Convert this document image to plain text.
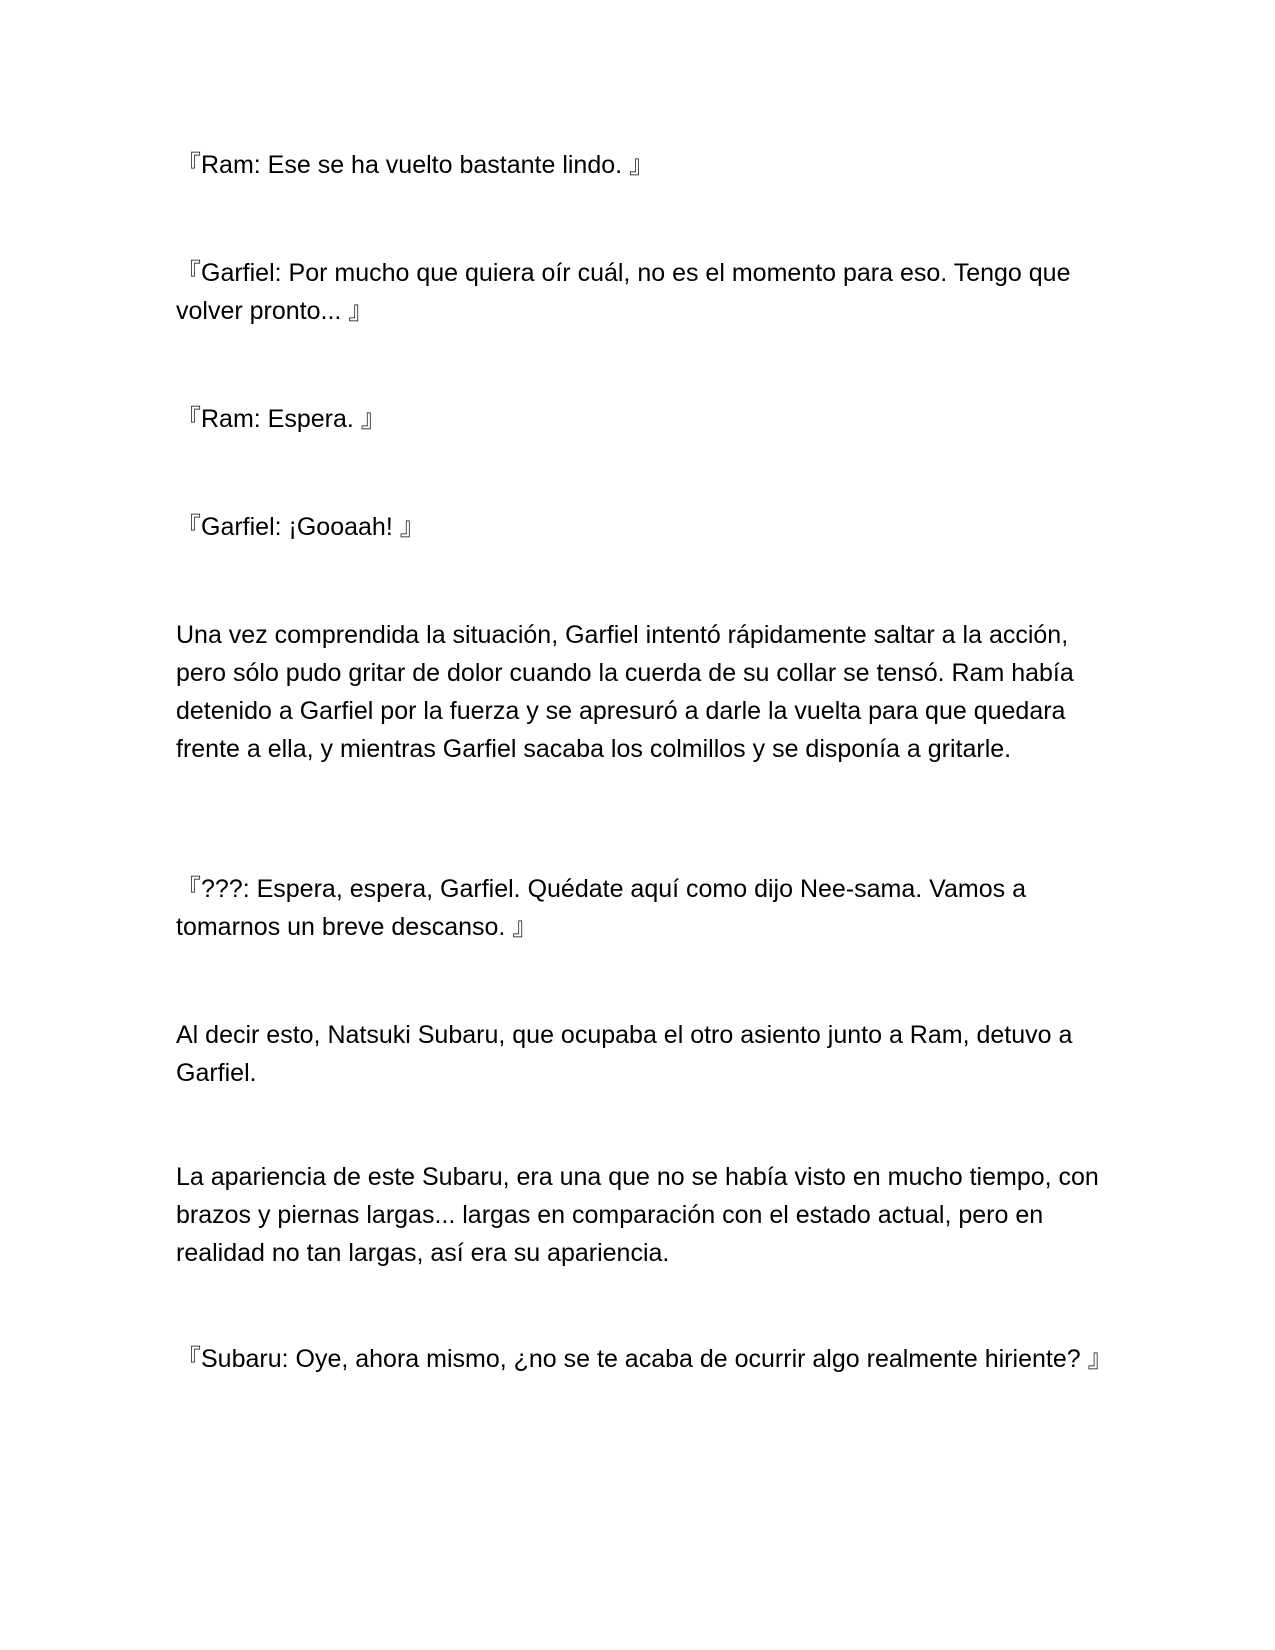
『Ram: Ese se ha vuelto bastante lindo. 』

『Garfiel: Por mucho que quiera oír cuál, no es el momento para eso. Tengo que volver pronto... 』

『Ram: Espera. 』

『Garfiel: ¡Gooaah! 』

Una vez comprendida la situación, Garfiel intentó rápidamente saltar a la acción, pero sólo pudo gritar de dolor cuando la cuerda de su collar se tensó. Ram había detenido a Garfiel por la fuerza y se apresuró a darle la vuelta para que quedara frente a ella, y mientras Garfiel sacaba los colmillos y se disponía a gritarle.

『???: Espera, espera, Garfiel. Quédate aquí como dijo Nee-sama. Vamos a tomarnos un breve descanso. 』

Al decir esto, Natsuki Subaru, que ocupaba el otro asiento junto a Ram, detuvo a Garfiel.

La apariencia de este Subaru, era una que no se había visto en mucho tiempo, con brazos y piernas largas... largas en comparación con el estado actual, pero en realidad no tan largas, así era su apariencia.

『Subaru: Oye, ahora mismo, ¿no se te acaba de ocurrir algo realmente hiriente? 』
